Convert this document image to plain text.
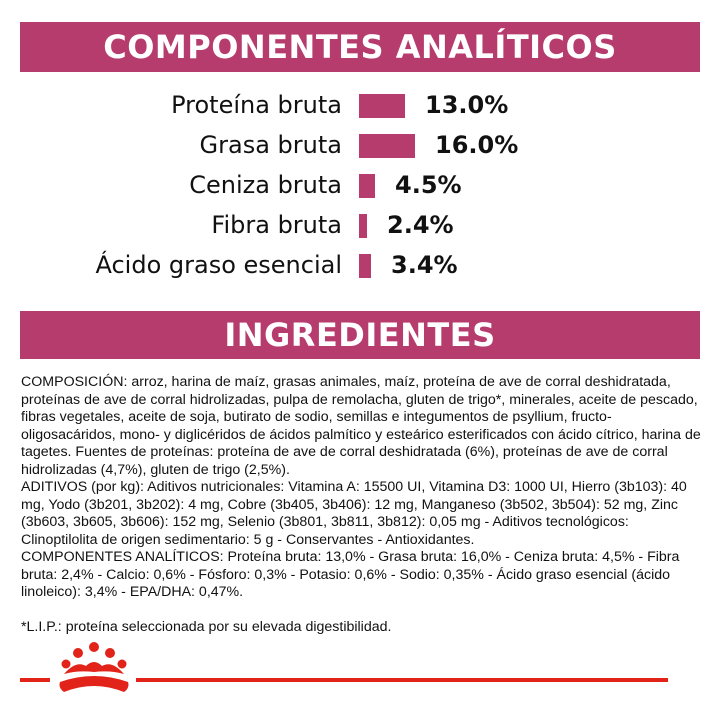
COMPONENTES ANALÍTICOS
Proteína bruta	13.0%
Grasa bruta	16.0%
Ceniza bruta 4.5%
Fibra bruta 2.4%
Ácido graso esencial 3.4%
INGREDIENTES

COMPOSICIÓN: arroz, harina de maíz, grasas animales, maíz, proteína de ave de corral deshidratada, proteínas de ave de corral hidrolizadas, pulpa de remolacha, gluten de trigo*, minerales, aceite de pescado, fibras vegetales, aceite de soja, butirato de sodio, semillas e integumentos de psyllium, fructo-oligosacáridos, mono- y diglicéridos de ácidos palmítico y esteárico esterificados con ácido cítrico, harina de tagetes. Fuentes de proteínas: proteína de ave de corral deshidratada (6%), proteínas de ave de corral hidrolizadas (4,7%), gluten de trigo (2,5%).

ADITIVOS (por kg): Aditivos nutricionales: Vitamina A: 15500 UI, Vitamina D3: 1000 UI, Hierro (3b103): 40 mg, Yodo (3b201, 3b202): 4 mg, Cobre (3b405, 3b406): 12 mg, Manganeso (3b502, 3b504): 52 mg, Zinc (3b603, 3b605, 3b606): 152 mg, Selenio (3b801, 3b811, 3b812): 0,05 mg - Aditivos tecnológicos: Clinoptilolita de origen sedimentario: 5 g - Conservantes - Antioxidantes.

COMPONENTES ANALÍTICOS: Proteína bruta: 13,0% - Grasa bruta: 16,0% - Ceniza bruta: 4,5% - Fibra bruta: 2,4% - Calcio: 0,6% - Fósforo: 0,3% - Potasio: 0,6% - Sodio: 0,35% - Ácido graso esencial (ácido linoleico): 3,4% - EPA/DHA: 0,47%.

*L.I.P.: proteína seleccionada por su elevada digestibilidad.
